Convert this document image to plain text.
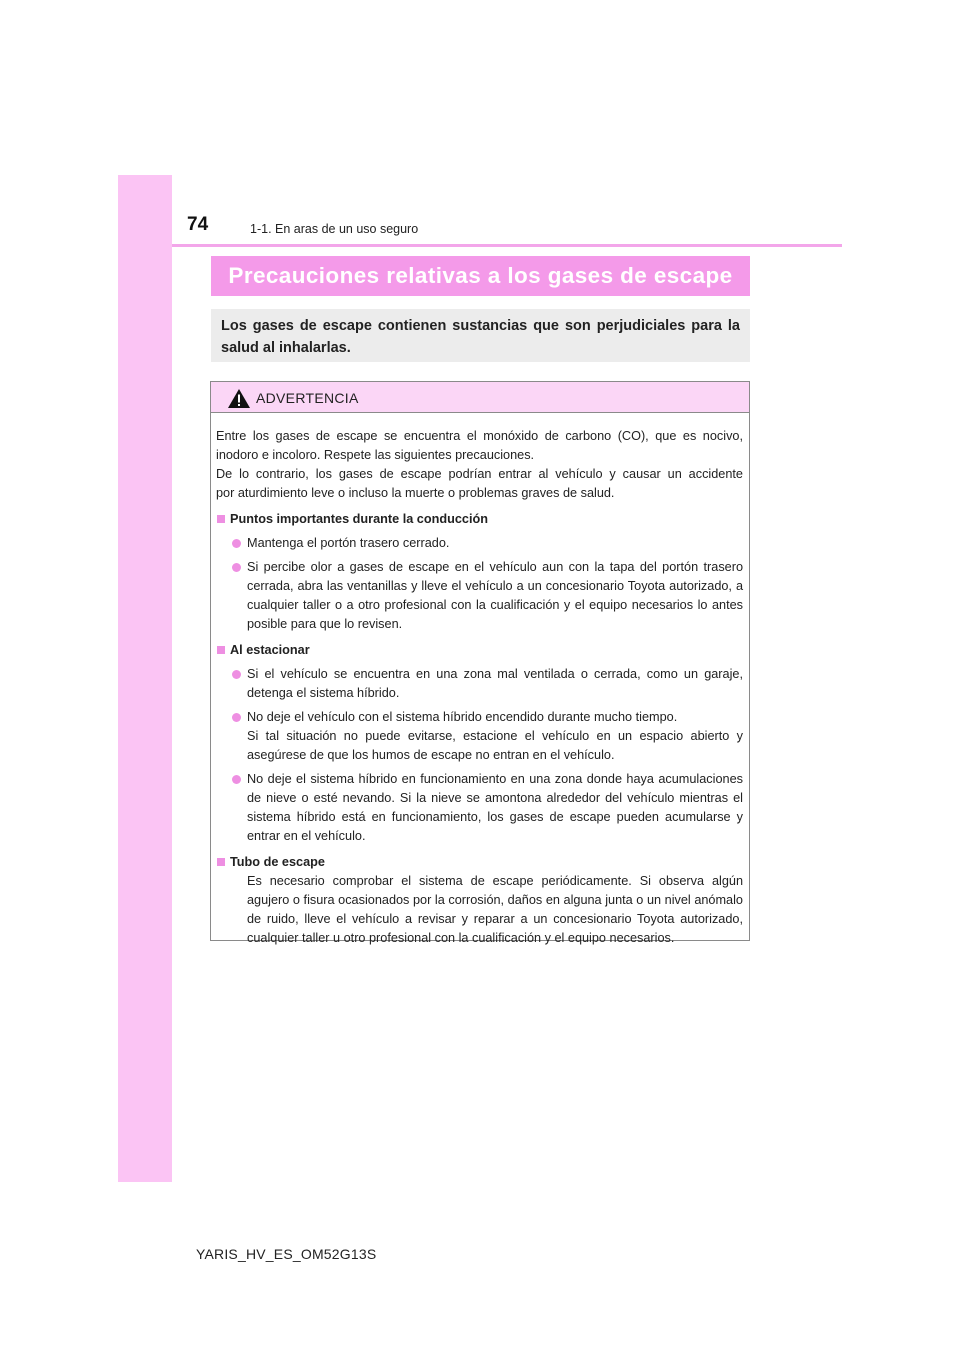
74	1-1. En aras de un uso seguro
Precauciones relativas a los gases de escape
Los gases de escape contienen sustancias que son perjudiciales para la salud al inhalarlas.
ADVERTENCIA

Entre los gases de escape se encuentra el monóxido de carbono (CO), que es nocivo,

inodoro e incoloro. Respete las siguientes precauciones.

De lo contrario, los gases de escape podrían entrar al vehículo y causar un accidente

por aturdimiento leve o incluso la muerte o problemas graves de salud.

Puntos importantes durante la conducción
Mantenga el portón trasero cerrado.
Si percibe olor a gases de escape en el vehículo aun con la tapa del portón trasero cerrada, abra las ventanillas y lleve el vehículo a un concesionario Toyota autorizado, a cualquier taller o a otro profesional con la cualificación y el equipo necesarios lo antes posible para que lo revisen.
Al estacionar
Si el vehículo se encuentra en una zona mal ventilada o cerrada, como un garaje, detenga el sistema híbrido.
No deje el vehículo con el sistema híbrido encendido durante mucho tiempo.
Si tal situación no puede evitarse, estacione el vehículo en un espacio abierto y asegúrese de que los humos de escape no entran en el vehículo.
No deje el sistema híbrido en funcionamiento en una zona donde haya acumulaciones de nieve o esté nevando. Si la nieve se amontona alrededor del vehículo mientras el sistema híbrido está en funcionamiento, los gases de escape pueden acumularse y entrar en el vehículo.
Tubo de escape
Es necesario comprobar el sistema de escape periódicamente. Si observa algún agujero o fisura ocasionados por la corrosión, daños en alguna junta o un nivel anómalo de ruido, lleve el vehículo a revisar y reparar a un concesionario Toyota autorizado, cualquier taller u otro profesional con la cualificación y el equipo necesarios.
YARIS_HV_ES_OM52G13S
